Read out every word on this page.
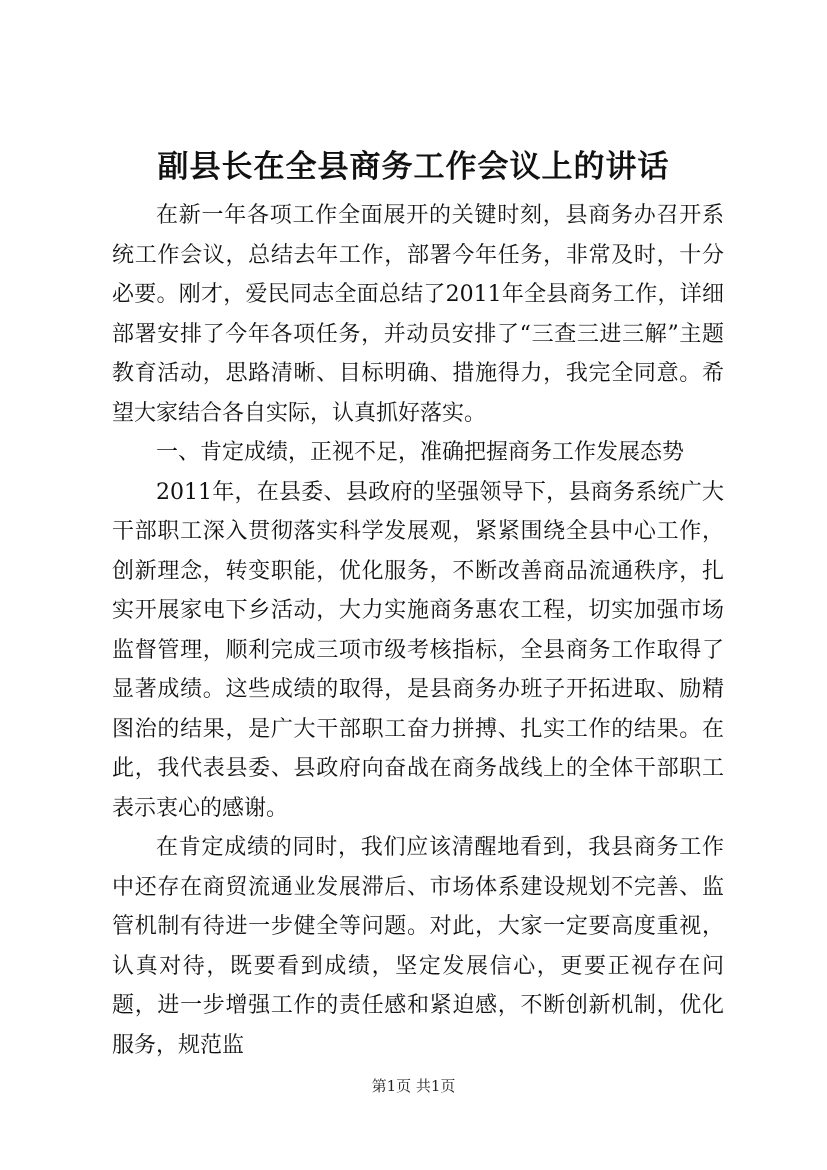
副县长在全县商务工作会议上的讲话

在新一年各项工作全面展开的关键时刻，县商务办召开系统工作会议，总结去年工作，部署今年任务，非常及时，十分必要。刚才，爱民同志全面总结了2011年全县商务工作，详细部署安排了今年各项任务，并动员安排了“三查三进三解”主题教育活动，思路清晰、目标明确、措施得力，我完全同意。希望大家结合各自实际，认真抓好落实。

一、肯定成绩，正视不足，准确把握商务工作发展态势

2011年，在县委、县政府的坚强领导下，县商务系统广大干部职工深入贯彻落实科学发展观，紧紧围绕全县中心工作，创新理念，转变职能，优化服务，不断改善商品流通秩序，扎实开展家电下乡活动，大力实施商务惠农工程，切实加强市场监督管理，顺利完成三项市级考核指标，全县商务工作取得了显著成绩。这些成绩的取得，是县商务办班子开拓进取、励精图治的结果，是广大干部职工奋力拼搏、扎实工作的结果。在此，我代表县委、县政府向奋战在商务战线上的全体干部职工表示衷心的感谢。

在肯定成绩的同时，我们应该清醒地看到，我县商务工作中还存在商贸流通业发展滞后、市场体系建设规划不完善、监管机制有待进一步健全等问题。对此，大家一定要高度重视，认真对待，既要看到成绩，坚定发展信心，更要正视存在问题，进一步增强工作的责任感和紧迫感，不断创新机制，优化服务，规范监

第1页 共1页
